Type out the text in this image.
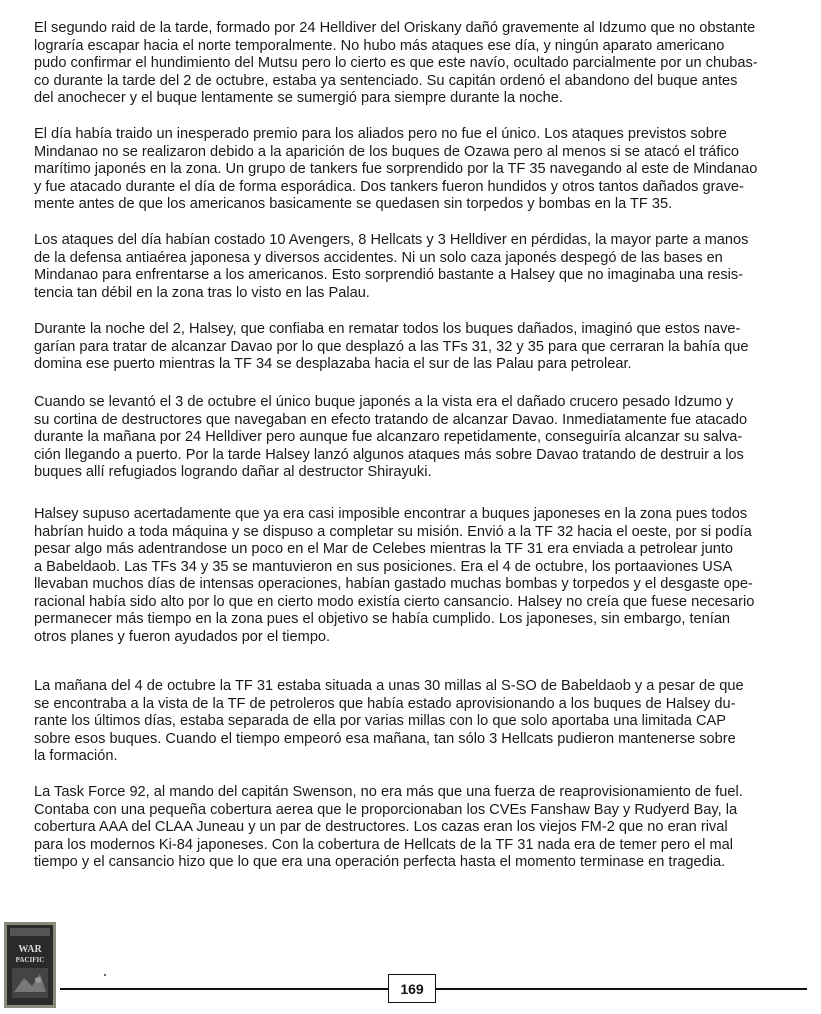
El segundo raid de la tarde, formado por 24 Helldiver del Oriskany dañó gravemente al Idzumo que no obstante
lograría escapar hacia el norte temporalmente. No hubo más ataques ese día, y ningún aparato americano
pudo confirmar el hundimiento del Mutsu pero lo cierto es que este navío, ocultado parcialmente por un chubas-
co durante la tarde del 2 de octubre, estaba ya sentenciado. Su capitán ordenó el abandono del buque antes
del anochecer y el buque lentamente se sumergió para siempre durante la noche.

El día había traido un inesperado premio para los aliados pero no fue el único. Los ataques previstos sobre
Mindanao no se realizaron debido a la aparición de los buques de Ozawa pero al menos si se atacó el tráfico
marítimo japonés en la zona. Un grupo de tankers fue sorprendido por la TF 35 navegando al este de Mindanao
y fue atacado durante el día de forma esporádica. Dos tankers fueron hundidos y otros tantos dañados grave-
mente antes de que los americanos basicamente se quedasen sin torpedos y bombas en la TF 35.

Los ataques del día habían costado 10 Avengers, 8 Hellcats y 3 Helldiver en pérdidas, la mayor parte a manos
de la defensa antiaérea japonesa y diversos accidentes. Ni un solo caza japonés despegó de las bases en
Mindanao para enfrentarse a los americanos. Esto sorprendió bastante a Halsey que no imaginaba una resis-
tencia tan débil en la zona tras lo visto en las Palau.

Durante la noche del 2, Halsey, que confiaba en rematar todos los buques dañados, imaginó que estos nave-
garían para tratar de alcanzar Davao por lo que desplazó a las TFs 31, 32 y 35 para que cerraran la bahía que
domina ese puerto mientras la TF 34 se desplazaba hacia el sur de las Palau para petrolear.

Cuando se levantó el 3 de octubre el único buque japonés a la vista era el dañado crucero pesado Idzumo y
su cortina de destructores que navegaban en efecto tratando de alcanzar Davao. Inmediatamente fue atacado
durante la mañana por 24 Helldiver pero aunque fue alcanzaro repetidamente, conseguiría alcanzar su salva-
ción llegando a puerto. Por la tarde Halsey lanzó algunos ataques más sobre Davao tratando de destruir a los
buques allí refugiados logrando dañar al destructor Shirayuki.

Halsey supuso acertadamente que ya era casi imposible encontrar a buques japoneses en la zona pues todos
habrían huido a toda máquina y se dispuso a completar su misión. Envió a la TF 32 hacia el oeste, por si podía
pesar algo más adentrandose un poco en el Mar de Celebes mientras la TF 31 era enviada a petrolear junto
a Babeldaob. Las TFs 34 y 35 se mantuvieron en sus posiciones. Era el 4 de octubre, los portaaviones USA
llevaban muchos días de intensas operaciones, habían gastado muchas bombas y torpedos y el desgaste ope-
racional había sido alto por lo que en cierto modo existía cierto cansancio. Halsey no creía que fuese necesario
permanecer más tiempo en la zona pues el objetivo se había cumplido. Los japoneses, sin embargo, tenían
otros planes y fueron ayudados por el tiempo.

La mañana del 4 de octubre la TF 31 estaba situada a unas 30 millas al S-SO de Babeldaob y a pesar de que
se encontraba a la vista de la TF de petroleros que había estado aprovisionando a los buques de Halsey du-
rante los últimos días, estaba separada de ella por varias millas con lo que solo aportaba una limitada CAP
sobre esos buques. Cuando el tiempo empeoró esa mañana, tan sólo 3 Hellcats pudieron mantenerse sobre
la formación.

La Task Force 92, al mando del capitán Swenson, no era más que una fuerza de reaprovisionamiento de fuel.
Contaba con una pequeña cobertura aerea que le proporcionaban los CVEs Fanshaw Bay y Rudyerd Bay, la
cobertura AAA del CLAA Juneau y un par de destructores. Los cazas eran los viejos FM-2 que no eran rival
para los modernos Ki-84 japoneses. Con la cobertura de Hellcats de la TF 31 nada era de temer pero el mal
tiempo y el cansancio hizo que lo que era una operación perfecta hasta el momento terminase en tragedia.

WAR
PACIFIC
169
